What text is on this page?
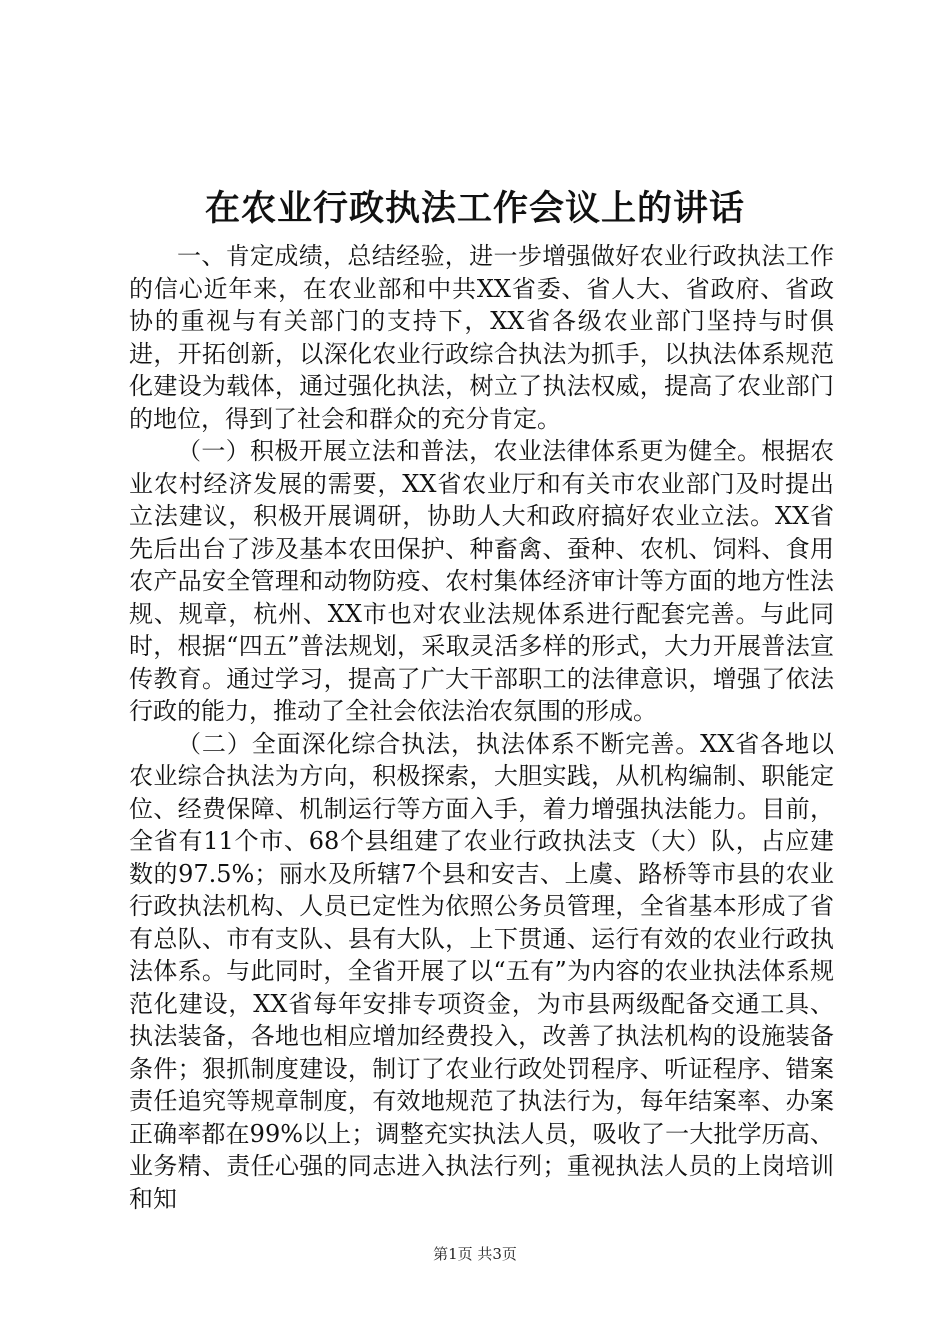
在农业行政执法工作会议上的讲话

一、肯定成绩，总结经验，进一步增强做好农业行政执法工作的信心近年来，在农业部和中共XX省委、省人大、省政府、省政协的重视与有关部门的支持下，XX省各级农业部门坚持与时俱进，开拓创新，以深化农业行政综合执法为抓手，以执法体系规范化建设为载体，通过强化执法，树立了执法权威，提高了农业部门的地位，得到了社会和群众的充分肯定。

（一）积极开展立法和普法，农业法律体系更为健全。根据农业农村经济发展的需要，XX省农业厅和有关市农业部门及时提出立法建议，积极开展调研，协助人大和政府搞好农业立法。XX省先后出台了涉及基本农田保护、种畜禽、蚕种、农机、饲料、食用农产品安全管理和动物防疫、农村集体经济审计等方面的地方性法规、规章，杭州、XX市也对农业法规体系进行配套完善。与此同时，根据“四五”普法规划，采取灵活多样的形式，大力开展普法宣传教育。通过学习，提高了广大干部职工的法律意识，增强了依法行政的能力，推动了全社会依法治农氛围的形成。

（二）全面深化综合执法，执法体系不断完善。XX省各地以农业综合执法为方向，积极探索，大胆实践，从机构编制、职能定位、经费保障、机制运行等方面入手，着力增强执法能力。目前，全省有11个市、68个县组建了农业行政执法支（大）队，占应建数的97.5%；丽水及所辖7个县和安吉、上虞、路桥等市县的农业行政执法机构、人员已定性为依照公务员管理，全省基本形成了省有总队、市有支队、县有大队，上下贯通、运行有效的农业行政执法体系。与此同时，全省开展了以“五有”为内容的农业执法体系规范化建设，XX省每年安排专项资金，为市县两级配备交通工具、执法装备，各地也相应增加经费投入，改善了执法机构的设施装备条件；狠抓制度建设，制订了农业行政处罚程序、听证程序、错案责任追究等规章制度，有效地规范了执法行为，每年结案率、办案正确率都在99%以上；调整充实执法人员，吸收了一大批学历高、业务精、责任心强的同志进入执法行列；重视执法人员的上岗培训和知

第1页 共3页
